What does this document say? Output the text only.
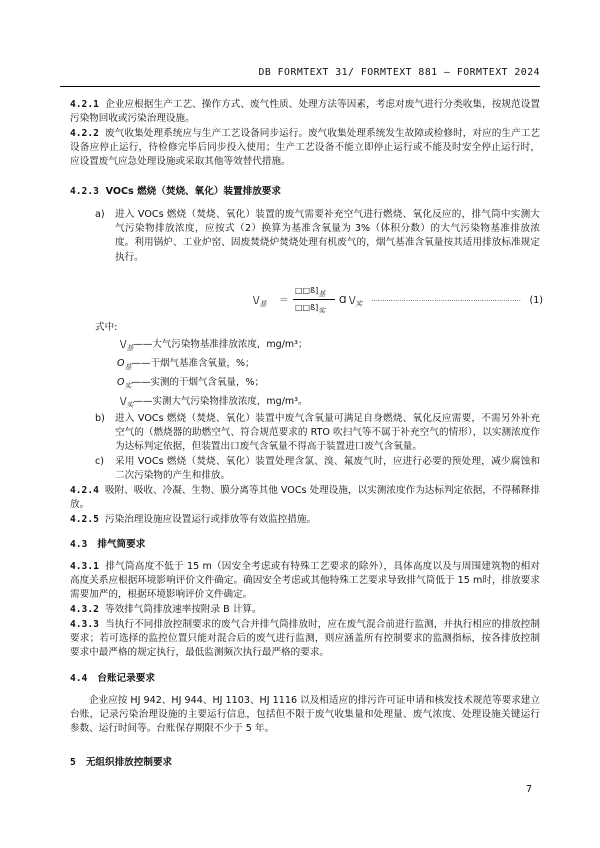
DB FORMTEXT 31/ FORMTEXT 881 — FORMTEXT 2024
4.2.1 企业应根据生产工艺、操作方式、废气性质、处理方法等因素，考虑对废气进行分类收集，按规范设置污染物回收或污染治理设施。
4.2.2 废气收集处理系统应与生产工艺设备同步运行。废气收集处理系统发生故障或检修时，对应的生产工艺设备应停止运行，待检修完毕后同步投入使用；生产工艺设备不能立即停止运行或不能及时安全停止运行时，应设置废气应急处理设施或采取其他等效替代措施。
4.2.3 VOCs 燃烧（焚烧、氧化）装置排放要求
a) 进入 VOCs 燃烧（焚烧、氧化）装置的废气需要补充空气进行燃烧、氧化反应的，排气筒中实测大气污染物排放浓度，应按式（2）换算为基准含氧量为 3%（体积分数）的大气污染物基准排放浓度。利用锅炉、工业炉窑、固废焚烧炉焚烧处理有机废气的，烟气基准含氧量按其适用排放标准规定执行。
$\backslash/_基$ ＝
□□ß]基
□□ß]实
Ɑ $\backslash/_实$
…………………………………………………………… (1)
式中:
$\backslash/_基——$大气污染物基准排放浓度，mg/m³；
$O_基——$干烟气基准含氧量，%；
$O_实——$实测的干烟气含氧量，%；
$\backslash/_实——$实测大气污染物排放浓度，mg/m³。
b) 进入 VOCs 燃烧（焚烧、氧化）装置中废气含氧量可满足自身燃烧、氧化反应需要，不需另外补充空气的（燃烧器的助燃空气、符合规范要求的 RTO 吹扫气等不属于补充空气的情形），以实测浓度作为达标判定依据，但装置出口废气含氧量不得高于装置进口废气含氧量。
c) 采用 VOCs 燃烧（焚烧、氧化）装置处理含氯、溴、氟废气时，应进行必要的预处理，减少腐蚀和二次污染物的产生和排放。
4.2.4 吸附、吸收、冷凝、生物、膜分离等其他 VOCs 处理设施，以实测浓度作为达标判定依据，不得稀释排放。
4.2.5 污染治理设施应设置运行或排放等有效监控措施。
4.3 排气筒要求
4.3.1 排气筒高度不低于 15 m（因安全考虑或有特殊工艺要求的除外），具体高度以及与周围建筑物的相对高度关系应根据环境影响评价文件确定。确因安全考虑或其他特殊工艺要求导致排气筒低于 15 m时，排放要求需要加严的，根据环境影响评价文件确定。
4.3.2 等效排气筒排放速率按附录 B 计算。
4.3.3 当执行不同排放控制要求的废气合并排气筒排放时，应在废气混合前进行监测，并执行相应的排放控制要求；若可选择的监控位置只能对混合后的废气进行监测，则应涵盖所有控制要求的监测指标，按各排放控制要求中最严格的规定执行，最低监测频次执行最严格的要求。
4.4 台账记录要求
企业应按 HJ 942、HJ 944、HJ 1103、HJ 1116 以及相适应的排污许可证申请和核发技术规范等要求建立台账，记录污染治理设施的主要运行信息，包括但不限于废气收集量和处理量、废气浓度、处理设施关键运行参数、运行时间等。台账保存期限不少于 5 年。
5 无组织排放控制要求
7
